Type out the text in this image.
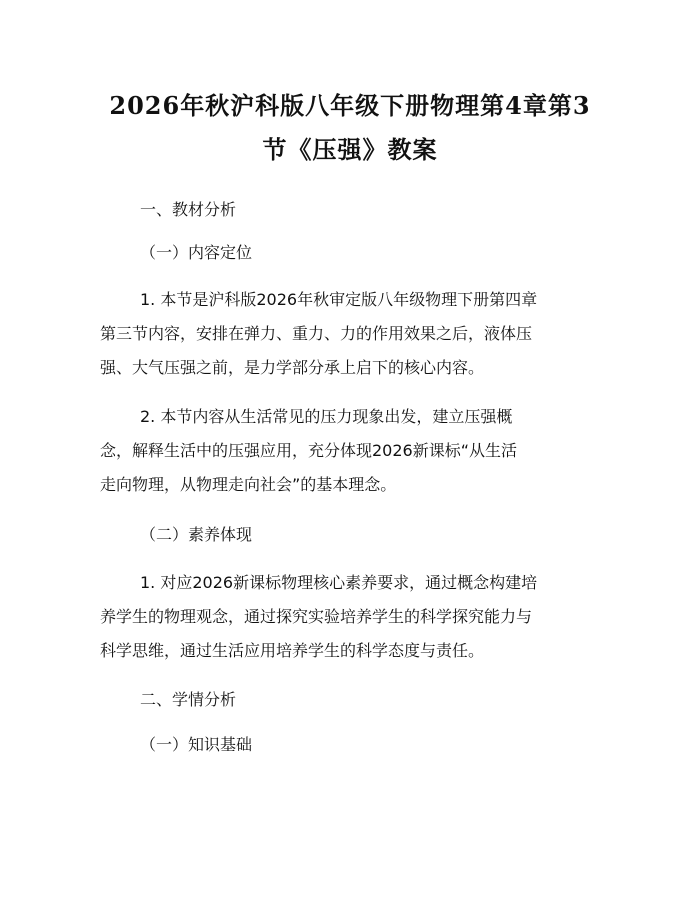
2026年秋沪科版八年级下册物理第4章第3
节《压强》教案
一、教材分析
（一）内容定位

1. 本节是沪科版2026年秋审定版八年级物理下册第四章
第三节内容，安排在弹力、重力、力的作用效果之后，液体压
强、大气压强之前，是力学部分承上启下的核心内容。

2. 本节内容从生活常见的压力现象出发，建立压强概
念，解释生活中的压强应用，充分体现2026新课标“从生活
走向物理，从物理走向社会”的基本理念。

（二）素养体现

1. 对应2026新课标物理核心素养要求，通过概念构建培
养学生的物理观念，通过探究实验培养学生的科学探究能力与
科学思维，通过生活应用培养学生的科学态度与责任。

二、学情分析
（一）知识基础
